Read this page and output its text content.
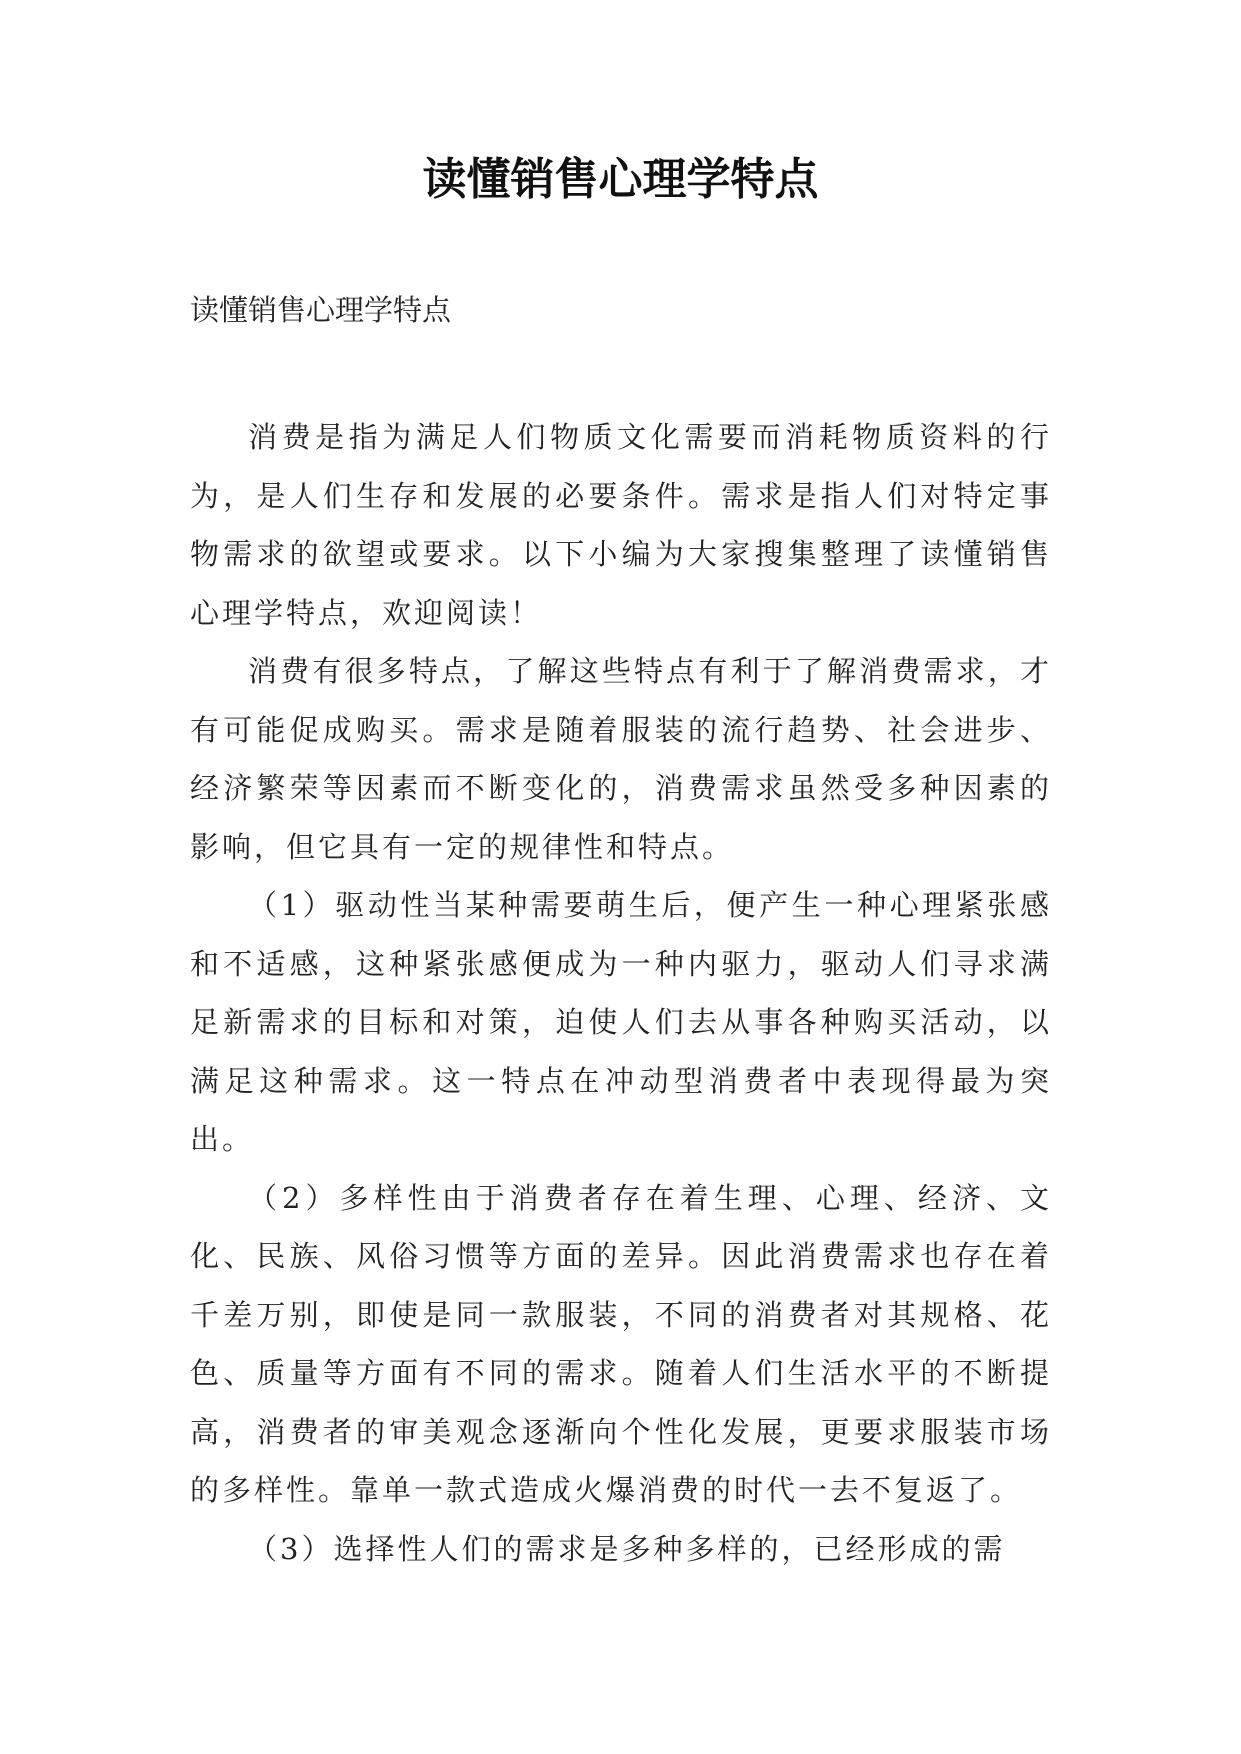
读懂销售心理学特点
读懂销售心理学特点

消费是指为满足人们物质文化需要而消耗物质资料的行为，是人们生存和发展的必要条件。需求是指人们对特定事物需求的欲望或要求。以下小编为大家搜集整理了读懂销售心理学特点，欢迎阅读！

消费有很多特点，了解这些特点有利于了解消费需求，才有可能促成购买。需求是随着服装的流行趋势、社会进步、经济繁荣等因素而不断变化的，消费需求虽然受多种因素的影响，但它具有一定的规律性和特点。

（1）驱动性当某种需要萌生后，便产生一种心理紧张感和不适感，这种紧张感便成为一种内驱力，驱动人们寻求满足新需求的目标和对策，迫使人们去从事各种购买活动，以满足这种需求。这一特点在冲动型消费者中表现得最为突出。

（2）多样性由于消费者存在着生理、心理、经济、文化、民族、风俗习惯等方面的差异。因此消费需求也存在着千差万别，即使是同一款服装，不同的消费者对其规格、花色、质量等方面有不同的需求。随着人们生活水平的不断提高，消费者的审美观念逐渐向个性化发展，更要求服装市场的多样性。靠单一款式造成火爆消费的时代一去不复返了。

（3）选择性人们的需求是多种多样的，已经形成的需
